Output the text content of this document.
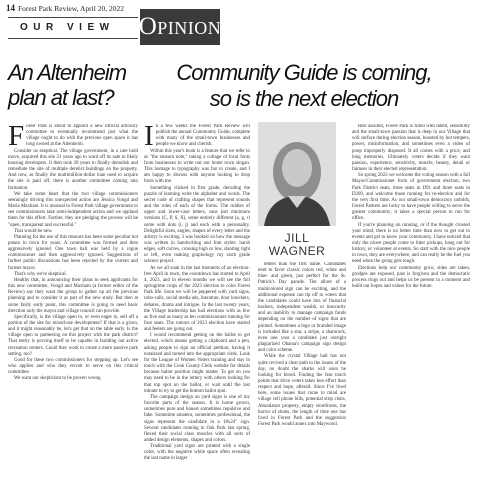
14 Forest Park Review, April 20, 2022
OUR VIEW Opinion
An Altenheim
plan at last?
Community Guide is coming,
so is the next election

Forest Park is about to appoint a new official advisory committee to eventually recommend just what the village ought to do with the precious open space it has long owned at the Altenheim.

Consider us skeptical. The village government, in a rare bold move, acquired this site 21 years ago to ward off its sale to likely housing developers. It then took 20 years to finally demolish and remediate the site of multiple derelict buildings on the property. And now, as finally the multimillion-dollar loan used to acquire the site is paid off, there is another committee coming into formation.

We take some heart that the two village commissioners seemingly driving this unexpected action are Jessica Voogd and Maria Maxham. It is unusual in Forest Park village government to see commissioners take semi-independent action and we applaud them for this effort. Further, they are pledging the process will be "open, transparent and successful."

That would be new.

Planning for the use of this treasure has been some peculiar hot potato in town for years. A committee was formed and then aggressively ignored. One town hall was held by a rogue commissioner and then aggressively ignored. Suggestions of further public discussions has been rejected by the current and former mayor.

That's why we're skeptical.

Healthy that, in announcing their plans to seek applicants for this new committee, Voogd and Maxham (a former editor of the Review) say they want the group to gather up all the previous planning and to consider it as part of the new study. But then at some fairly early point, this committee is going to need basic direction only the mayor and village council can provide.

Specifically, is the village open to, or even eager to, sell off a portion of the site for mixed-use development? If that is a given, and it might reasonably be, let's get that on the table early. Is the village open to partnering on this project with the park district? That entity is proving itself to be capable in building out active recreation centers. Could they work to create a more passive park setting, too?

Good for these two commissioners for stepping up. Let's see who applies and who they recruit to serve on this critical committee.

We want our skepticism to be proven wrong.

In a few weeks the Forest Park Review will publish the annual Community Guide, complete with many of the small-town businesses and people we know and cherish.

Within this year's book is a feature that we refer to as "the ransom note," taking a collage of local fonts from businesses to write out our home town slogan. This homage to typography was fun to create, and I am happy to discuss with anyone looking to drop fonts with me.

Something clicked in first grade, decoding the puzzle of learning write the alphabet and words. The secret code of crafting shapes that represent sounds and the rules of each of the forms. The riddles of upper and lower-case letters, sans just minimum versions (C, P, S, X), some entirely different (a, g, r) some with dots (i, j) and each with a personality. Delightful sizes, angles, shapes of every letter and the artistry is exciting. I was hooked on how the message was written in handwriting and font styles: harsh edges, soft curves, crossing high or low, slanting right or left, even making graphology my sixth grade science project.

As we all soak in the last moments of an election-free April in town, the countdown has started to April 4, 2023, and in eleven months we will see the full springtime crops of the 2023 election to color Forest Park life. Soon we will be peppered with yard signs, robo-calls, social media ads, literature, door knockers, debates, drama and intrigue. In the last twenty years, the Village leadership has had elections with as few as five and as many as ten commissioners running for four seats. The rumors of 2023 election have started and feelers are going out.

I would recommend getting on the ballot to get elected, which means getting a clipboard and a pen, asking people to sign an official petition, having it notarized and turned into the appropriate clerk. Look for the League of Women Voters training and stay in touch with the Cook County Clerk website for details because ballot position might matter. To get on you may need to be in the lottery with others looking for that top spot on the ballot, or wait until the last minute to try to get the bottom ballot spot.

The campaign design on yard signs is one of my favorite parts of the season. It is home grown, sometimes pure and honest sometimes repulsive and fake. Sometime amateur, sometimes professional, the signs represent the candidate in a 18x24" sign. Several candidates running in Oak Park last spring, flexed their social class muscles with all sorts of added design elements, shapes and colors.

Traditional yard signs are printed with a single color, with the negative white space often revealing the last name in larger

JILL
WAGNER

letters than the first name. Candidates tend to favor classic colors red, white and blue- and green, just perfect for the St. Patrick's Day parade. The allure of a multicolored sign can be exciting, and the additional expense can tip off to voters that the candidates could have lots of financial backers, independent wealth, or insecurity and an inability to manage campaign funds depending on the number of signs that are printed. Sometimes a logo or branded image is included like a star, a stripe, a shamrock, even one year a candidate just outright plagiarized Obama's campaign sign design and color scheme.

While the crystal Village hall has not quite revived a clear path to the issues of the day, no doubt the sharks will soon be looking for blood. Finding the fear touch points that drive voters takes less effort than respect and hope, afterall. Since I've lived here, some issues that come to mind are village cell phone bills, potential strip clubs, Abundance property, empty storefronts, the horror of slums, the length of time one has lived in Forest Park and the suggestion Forest Park would annex into Maywood.

Rest assured, Forest Park is filled with talent, sensibility and the small-town passion that is deep in our Village that will surface during election season, boosted by hot tempers, power, misinformation, and sometimes even a video of poop improperly disposed. It all comes with a price, and long memories. Ultimately voters decide if they want passion, experience, sensitivity, muscle, beauty, detail or fairness in their elected representation.

So spring 2023 we welcome the voting season with a full Mayor/Commissioner form of government election, two Park District seats, three seats in D91 and three seats in D209, and welcome those running for re-election and for the very first time. As our small-town democracy unfolds, Forest Parkers are lucky to have people willing to serve the greater community; it takes a special person to run for office.

If you're planning on running, or if the thought crossed your mind, there is no better time than now to get out to events and get to know your community. I have noticed that only the nicest people come to litter pickups, hang out for history, or volunteer at events. So start with the nice people in town, they are everywhere, and can really be the fuel you need when the going gets tough.

Elections help our community grow, sides are taken, grudges are exposed, past is forgiven and the democratic process rings out and helps us be present in a moment and build our hopes and values for the future.
